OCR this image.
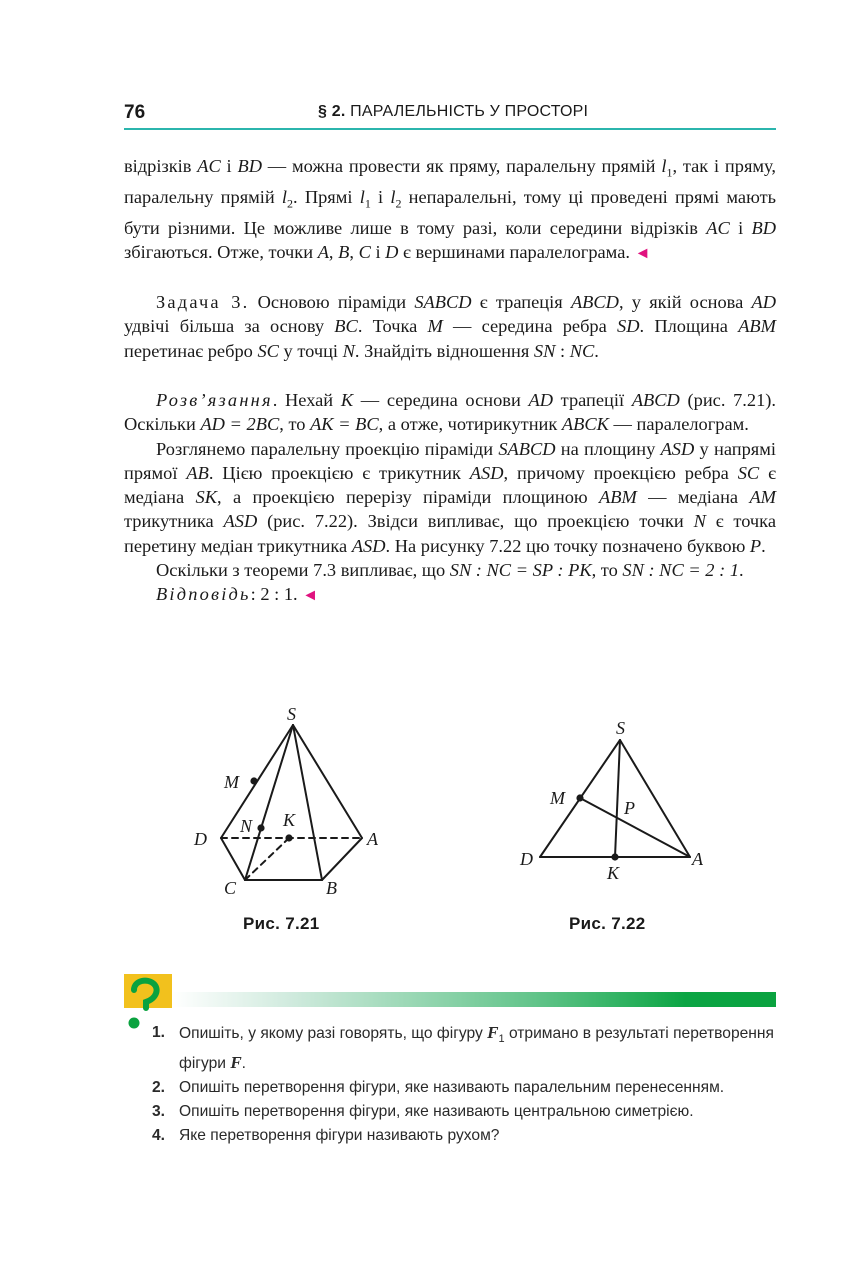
76	§ 2. ПАРАЛЕЛЬНІСТЬ У ПРОСТОРІ

відрізків AC і BD — можна провести як пряму, паралельну прямій $l_1$, так і пряму, паралельну прямій $l_2$. Прямі $l_1$ і $l_2$ непаралельні, тому ці проведені прямі мають бути різними. Це можливе лише в тому разі, коли середини відрізків AC і BD збігаються. Отже, точки A, B, C і D є вершинами паралелограма. ◄

Задача 3. Основою піраміди SABCD є трапеція ABCD, у якій основа AD удвічі більша за основу BC. Точка M — середина ребра SD. Площина ABM перетинає ребро SC у точці N. Знайдіть відношення SN : NC.

Розв’язання. Нехай K — середина основи AD трапеції ABCD (рис. 7.21). Оскільки AD = 2BC, то AK = BC, а отже, чотирикутник ABCK — паралелограм.

Розглянемо паралельну проекцію піраміди SABCD на площину ASD у напрямі прямої AB. Цією проекцією є трикутник ASD, причому проекцією ребра SC є медіана SK, а проекцією перерізу піраміди площиною ABM — медіана AM трикутника ASD (рис. 7.22). Звідси випливає, що проекцією точки N є точка перетину медіан трикутника ASD. На рисунку 7.22 цю точку позначено буквою P.

Оскільки з теореми 7.3 випливає, що SN : NC = SP : PK, то SN : NC = 2 : 1.

Відповідь: 2 : 1. ◄

S
M
N K
D	A
C	B
Рис. 7.21
S
M	P
D	A
K
Рис. 7.22
1. Опишіть, у якому разі говорять, що фігуру $F_1$ отримано в результаті перетворення фігури F.
2. Опишіть перетворення фігури, яке називають паралельним перенесенням.
3. Опишіть перетворення фігури, яке називають центральною симетрією.
4. Яке перетворення фігури називають рухом?
